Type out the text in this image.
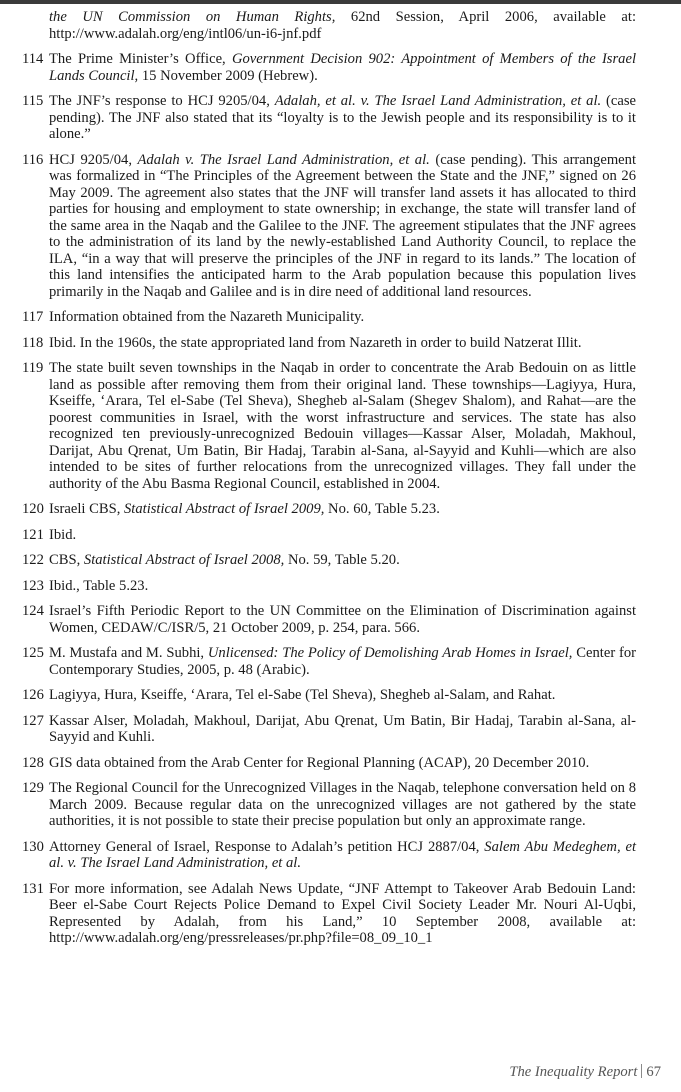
the UN Commission on Human Rights, 62nd Session, April 2006, available at: http://www.adalah.org/eng/intl06/un-i6-jnf.pdf

114 The Prime Minister’s Office, Government Decision 902: Appointment of Members of the Israel Lands Council, 15 November 2009 (Hebrew).

115 The JNF’s response to HCJ 9205/04, Adalah, et al. v. The Israel Land Administration, et al. (case pending). The JNF also stated that its “loyalty is to the Jewish people and its responsibility is to it alone.”

116 HCJ 9205/04, Adalah v. The Israel Land Administration, et al. (case pending). This arrangement was formalized in “The Principles of the Agreement between the State and the JNF,” signed on 26 May 2009. The agreement also states that the JNF will transfer land assets it has allocated to third parties for housing and employment to state ownership; in exchange, the state will transfer land of the same area in the Naqab and the Galilee to the JNF. The agreement stipulates that the JNF agrees to the administration of its land by the newly-established Land Authority Council, to replace the ILA, “in a way that will preserve the principles of the JNF in regard to its lands.” The location of this land intensifies the anticipated harm to the Arab population because this population lives primarily in the Naqab and Galilee and is in dire need of additional land resources.

117 Information obtained from the Nazareth Municipality.

118 Ibid. In the 1960s, the state appropriated land from Nazareth in order to build Natzerat Illit.

119 The state built seven townships in the Naqab in order to concentrate the Arab Bedouin on as little land as possible after removing them from their original land. These townships—Lagiyya, Hura, Kseiffe, ‘Arara, Tel el-Sabe (Tel Sheva), Shegheb al-Salam (Shegev Shalom), and Rahat—are the poorest communities in Israel, with the worst infrastructure and services. The state has also recognized ten previously-unrecognized Bedouin villages—Kassar Alser, Moladah, Makhoul, Darijat, Abu Qrenat, Um Batin, Bir Hadaj, Tarabin al-Sana, al-Sayyid and Kuhli—which are also intended to be sites of further relocations from the unrecognized villages. They fall under the authority of the Abu Basma Regional Council, established in 2004.

120 Israeli CBS, Statistical Abstract of Israel 2009, No. 60, Table 5.23.

121 Ibid.

122 CBS, Statistical Abstract of Israel 2008, No. 59, Table 5.20.

123 Ibid., Table 5.23.

124 Israel’s Fifth Periodic Report to the UN Committee on the Elimination of Discrimination against Women, CEDAW/C/ISR/5, 21 October 2009, p. 254, para. 566.

125 M. Mustafa and M. Subhi, Unlicensed: The Policy of Demolishing Arab Homes in Israel, Center for Contemporary Studies, 2005, p. 48 (Arabic).

126 Lagiyya, Hura, Kseiffe, ‘Arara, Tel el-Sabe (Tel Sheva), Shegheb al-Salam, and Rahat.

127 Kassar Alser, Moladah, Makhoul, Darijat, Abu Qrenat, Um Batin, Bir Hadaj, Tarabin al-Sana, al-Sayyid and Kuhli.

128 GIS data obtained from the Arab Center for Regional Planning (ACAP), 20 December 2010.

129 The Regional Council for the Unrecognized Villages in the Naqab, telephone conversation held on 8 March 2009. Because regular data on the unrecognized villages are not gathered by the state authorities, it is not possible to state their precise population but only an approximate range.

130 Attorney General of Israel, Response to Adalah’s petition HCJ 2887/04, Salem Abu Medeghem, et al. v. The Israel Land Administration, et al.

131 For more information, see Adalah News Update, “JNF Attempt to Takeover Arab Bedouin Land: Beer el-Sabe Court Rejects Police Demand to Expel Civil Society Leader Mr. Nouri Al-Uqbi, Represented by Adalah, from his Land,” 10 September 2008, available at: http://www.adalah.org/eng/pressreleases/pr.php?file=08_09_10_1

The Inequality Report 67
